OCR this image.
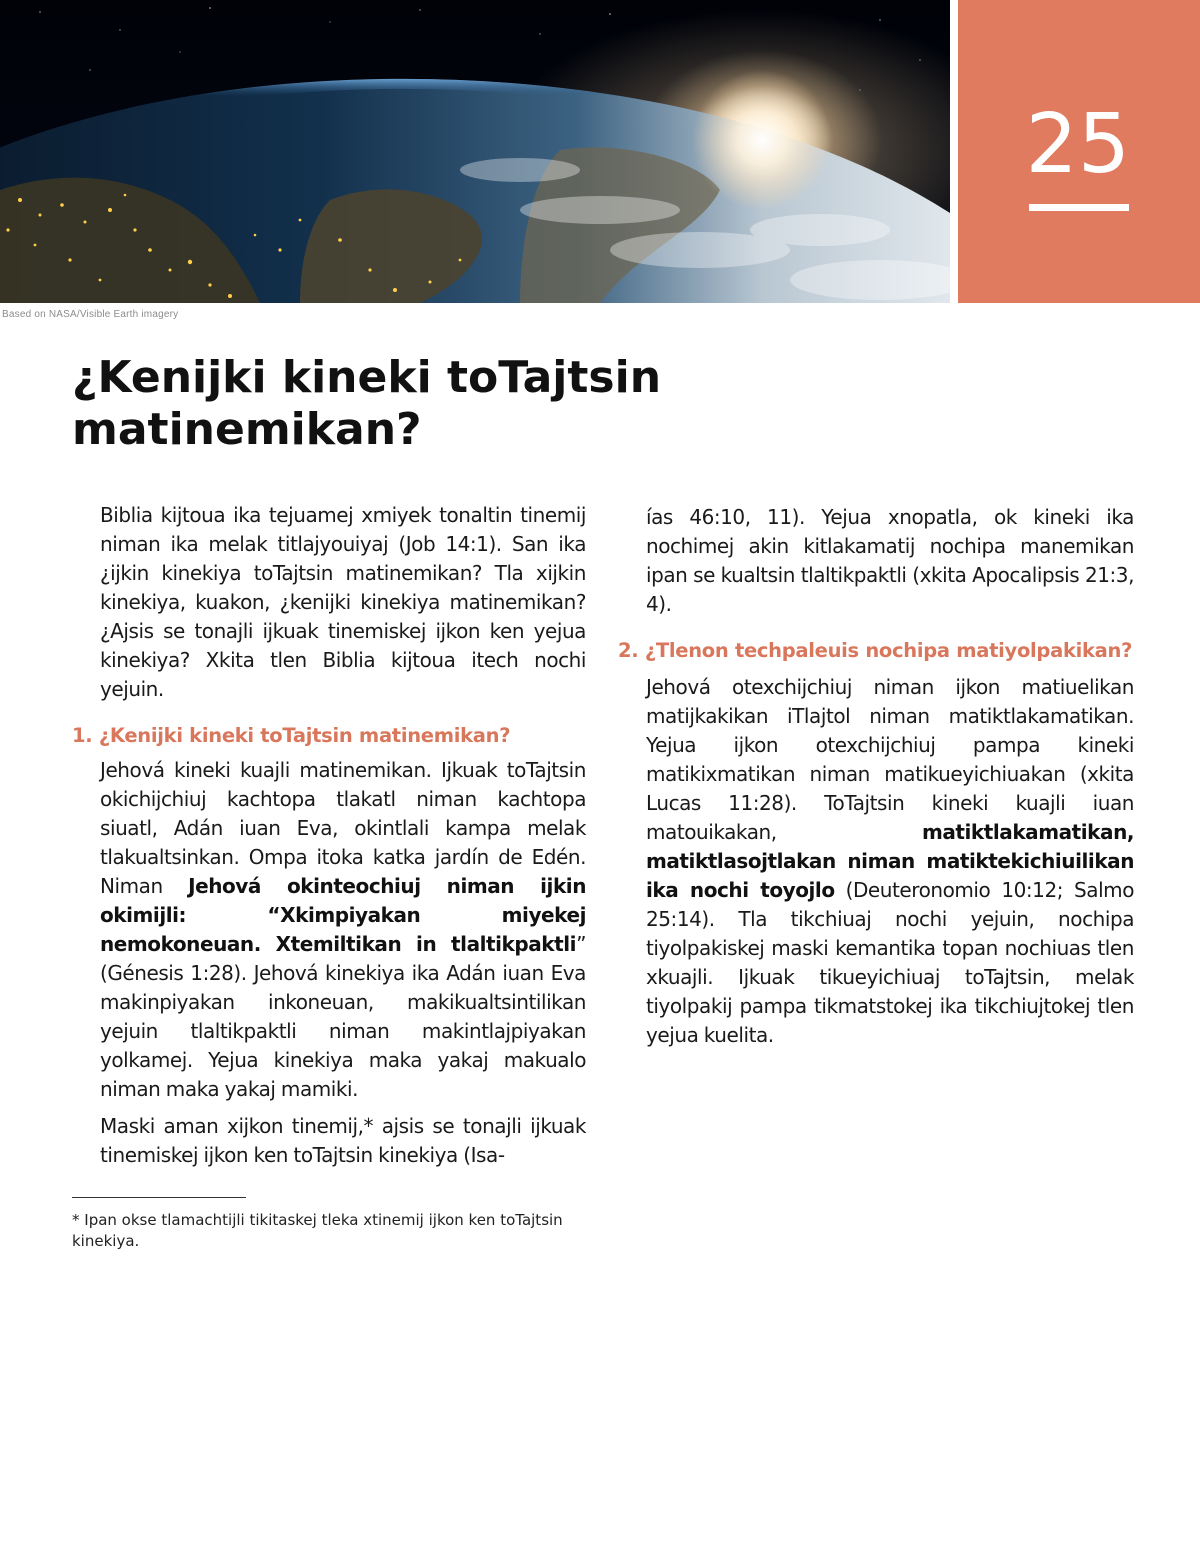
Based on NASA/Visible Earth imagery
25
¿Kenijki kineki toTajtsin
matinemikan?

Biblia kijtoua ika tejuamej xmiyek tonaltin tinemij niman ika melak titlajyouiyaj (Job 14:1). San ika ¿ijkin kinekiya toTajtsin matinemikan? Tla xijkin kinekiya, kuakon, ¿kenijki kinekiya matinemikan? ¿Ajsis se tonajli ijkuak tinemiskej ijkon ken yejua kinekiya? Xkita tlen Biblia kijtoua itech nochi yejuin.

1. ¿Kenijki kineki toTajtsin matinemikan?

Jehová kineki kuajli matinemikan. Ijkuak toTajtsin okichijchiuj kachtopa tlakatl niman kachtopa siuatl, Adán iuan Eva, okintlali kampa melak tlakualtsinkan. Ompa itoka katka jardín de Edén. Niman Jehová okinteochiuj niman ijkin okimijli: “Xkimpiyakan miyekej nemokoneuan. Xtemiltikan in tlaltikpaktli” (Génesis 1:28). Jehová kinekiya ika Adán iuan Eva makinpiyakan inkoneuan, makikualtsintilikan yejuin tlaltikpaktli niman makintlajpiyakan yolkamej. Yejua kinekiya maka yakaj makualo niman maka yakaj mamiki.

Maski aman xijkon tinemij,* ajsis se tonajli ijkuak tinemiskej ijkon ken toTajtsin kinekiya (Isa-

* Ipan okse tlamachtijli tikitaskej tleka xtinemij ijkon ken toTajtsin kinekiya.

ías 46:10, 11). Yejua xnopatla, ok kineki ika nochimej akin kitlakamatij nochipa manemikan ipan se kualtsin tlaltikpaktli (xkita Apocalipsis 21:3, 4).

2. ¿Tlenon techpaleuis nochipa matiyolpakikan?

Jehová otexchijchiuj niman ijkon matiuelikan matijkakikan iTlajtol niman matiktlakamatikan. Yejua ijkon otexchijchiuj pampa kineki matikixmatikan niman matikueyichiuakan (xkita Lucas 11:28). ToTajtsin kineki kuajli iuan matouikakan, matiktlakamatikan, matiktlasojtlakan niman matiktekichiuilikan ika nochi toyojlo (Deuteronomio 10:12; Salmo 25:14). Tla tikchiuaj nochi yejuin, nochipa tiyolpakiskej maski kemantika topan nochiuas tlen xkuajli. Ijkuak tikueyichiuaj toTajtsin, melak tiyolpakij pampa tikmatstokej ika tikchiujtokej tlen yejua kuelita.
